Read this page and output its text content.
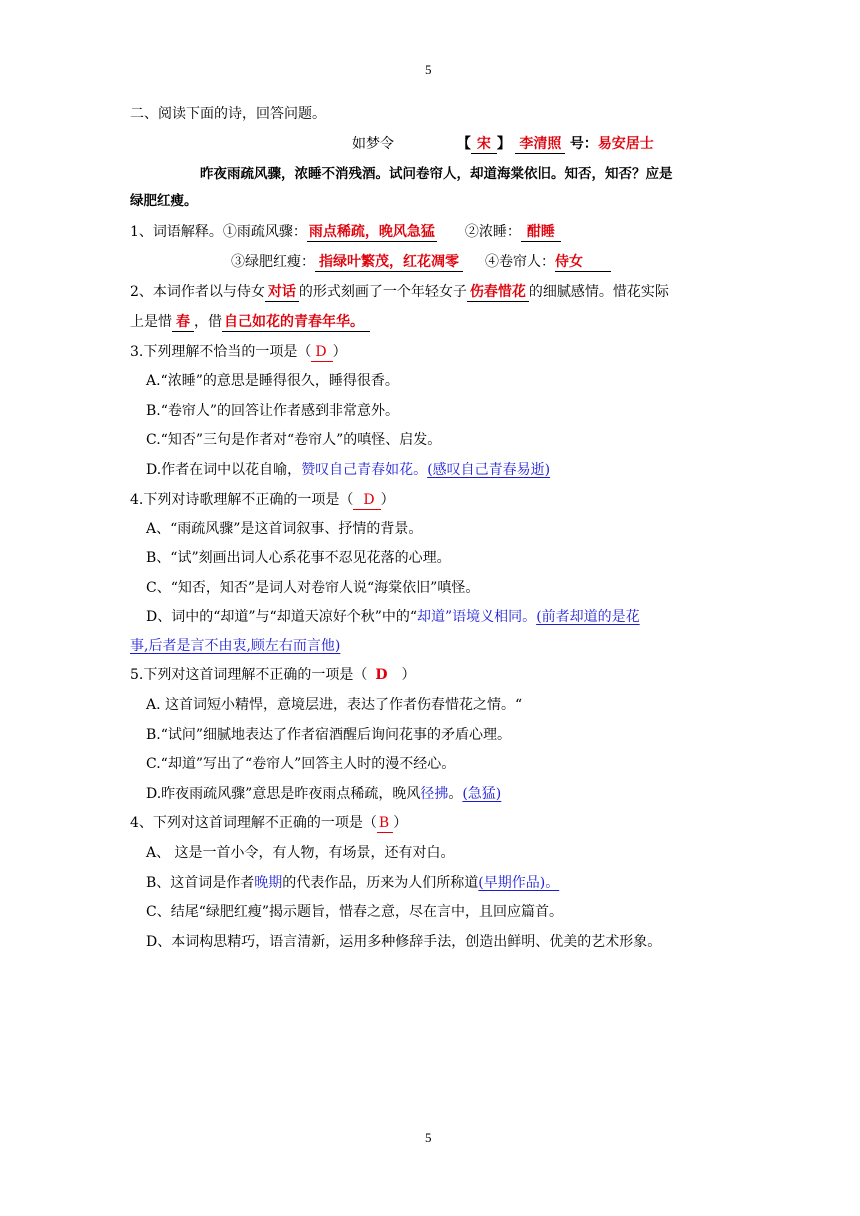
5
5
二、阅读下面的诗，回答问题。
如梦令	【 宋 】 李清照 号：易安居士
昨夜雨疏风骤，浓睡不消残酒。试问卷帘人，却道海棠依旧。知否，知否？应是
绿肥红瘦。
1、词语解释。①雨疏风骤： 雨点稀疏，晚风急猛 ②浓睡： 酣睡
③绿肥红瘦： 指绿叶繁茂，红花凋零 ④卷帘人：侍女
2、本词作者以与侍女 对话 的形式刻画了一个年轻女子 伤春惜花 的细腻感情。惜花实际
上是惜 春 ，借 自己如花的青春年华。
3.下列理解不恰当的一项是（ D ）
A.“浓睡”的意思是睡得很久，睡得很香。
B.“卷帘人”的回答让作者感到非常意外。
C.“知否”三句是作者对“卷帘人”的嗔怪、启发。
D.作者在词中以花自喻，赞叹自己青春如花。(感叹自己青春易逝)
4.下列对诗歌理解不正确的一项是（ D ）
A、“雨疏风骤”是这首词叙事、抒情的背景。
B、“试”刻画出词人心系花事不忍见花落的心理。
C、“知否，知否”是词人对卷帘人说“海棠依旧”嗔怪。
D、词中的“却道”与“却道天凉好个秋”中的“却道”语境义相同。(前者却道的是花
事,后者是言不由衷,顾左右而言他)
5.下列对这首词理解不正确的一项是（ D ）
A. 这首词短小精悍，意境层进，表达了作者伤春惜花之情。“
B.“试问”细腻地表达了作者宿酒醒后询问花事的矛盾心理。
C.“却道”写出了“卷帘人”回答主人时的漫不经心。
D.昨夜雨疏风骤”意思是昨夜雨点稀疏，晚风径拂。(急猛)
4、下列对这首词理解不正确的一项是（ B ）
A、 这是一首小令，有人物，有场景，还有对白。
B、这首词是作者晚期的代表作品，历来为人们所称道(早期作品)。
C、结尾“绿肥红瘦”揭示题旨，惜春之意，尽在言中，且回应篇首。
D、本词构思精巧，语言清新，运用多种修辞手法，创造出鲜明、优美的艺术形象。
